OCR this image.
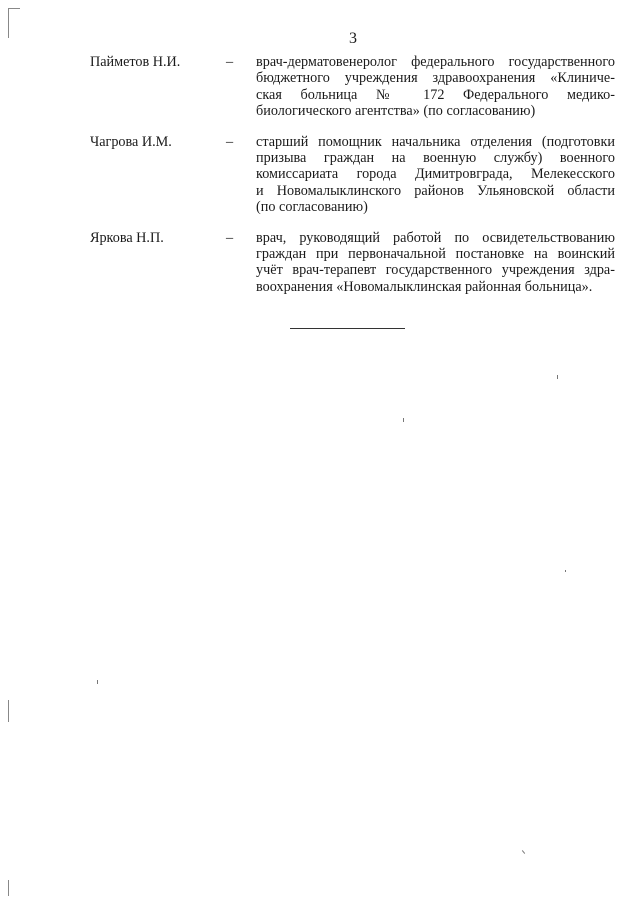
3
Пайметов Н.И.	–	врач-дерматовенеролог федерального государственного
бюджетного учреждения здравоохранения «Клиниче-
ская больница № 172 Федерального медико-
биологического агентства» (по согласованию)
Чагрова И.М.	–	старший помощник начальника отделения (подготовки
призыва граждан на военную службу) военного
комиссариата города Димитровграда, Мелекесского
и Новомалыклинского районов Ульяновской области
(по согласованию)
Яркова Н.П.	–	врач, руководящий работой по освидетельствованию
граждан при первоначальной постановке на воинский
учёт врач-терапевт государственного учреждения здра-
воохранения «Новомалыклинская районная больница».
